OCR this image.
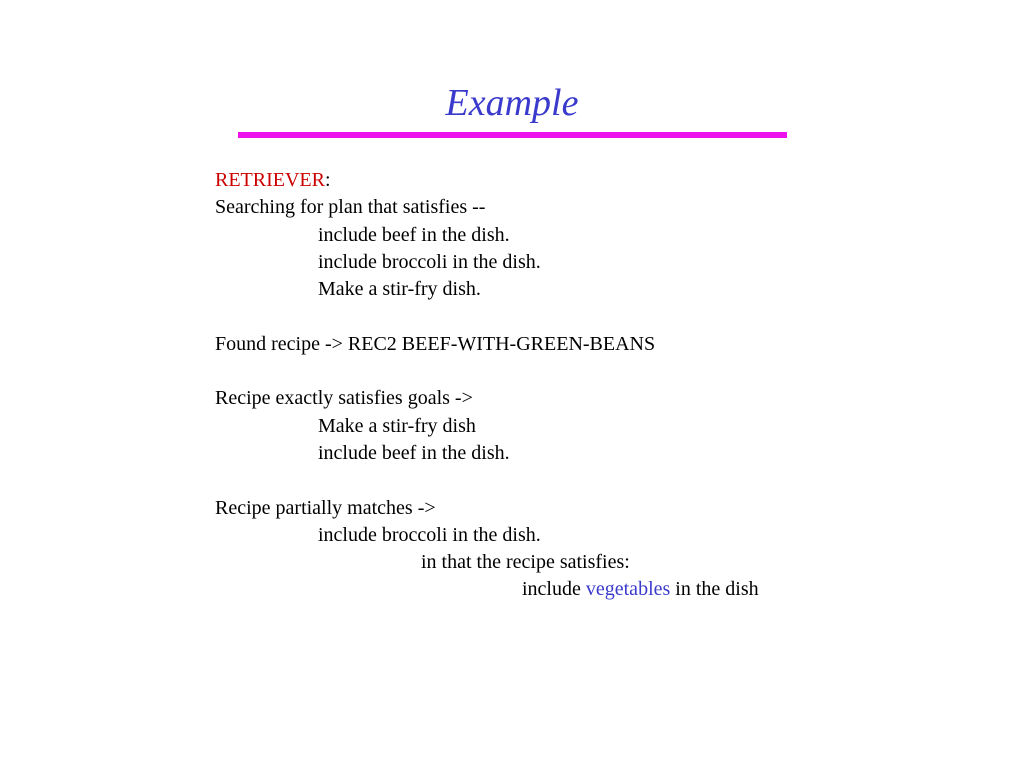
Example
RETRIEVER:
Searching for plan that satisfies --
include beef in the dish.
include broccoli in the dish.
Make a stir-fry dish.
Found recipe -> REC2 BEEF-WITH-GREEN-BEANS
Recipe exactly satisfies goals ->
Make a stir-fry dish
include beef in the dish.
Recipe partially matches ->
include broccoli in the dish.
in that the recipe satisfies:
include vegetables in the dish
